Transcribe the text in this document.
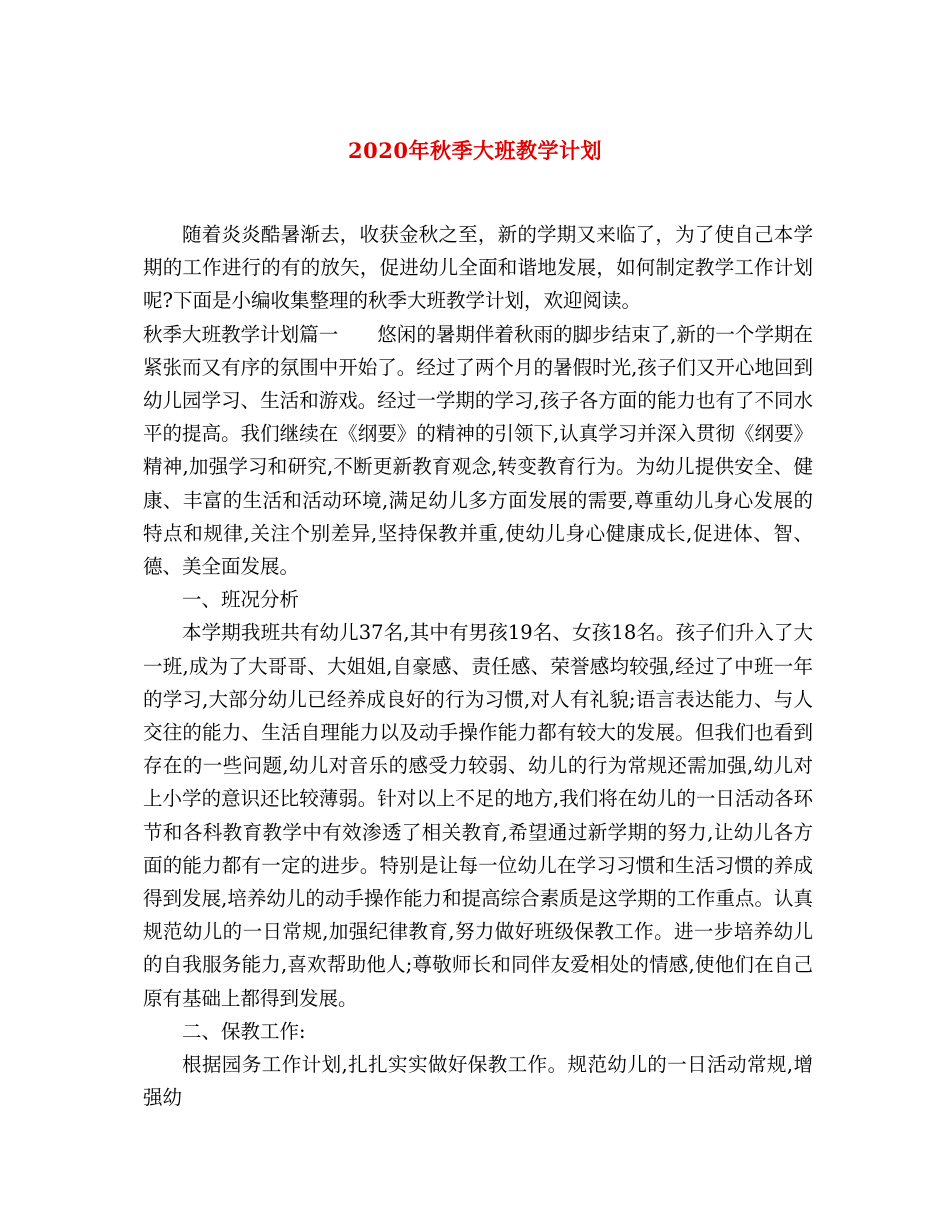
2020年秋季大班教学计划

随着炎炎酷暑渐去，收获金秋之至，新的学期又来临了，为了使自己本学期的工作进行的有的放矢，促进幼儿全面和谐地发展，如何制定教学工作计划呢?下面是小编收集整理的秋季大班教学计划，欢迎阅读。

秋季大班教学计划篇一　　悠闲的暑期伴着秋雨的脚步结束了,新的一个学期在紧张而又有序的氛围中开始了。经过了两个月的暑假时光,孩子们又开心地回到幼儿园学习、生活和游戏。经过一学期的学习,孩子各方面的能力也有了不同水平的提高。我们继续在《纲要》的精神的引领下,认真学习并深入贯彻《纲要》精神,加强学习和研究,不断更新教育观念,转变教育行为。为幼儿提供安全、健康、丰富的生活和活动环境,满足幼儿多方面发展的需要,尊重幼儿身心发展的特点和规律,关注个别差异,坚持保教并重,使幼儿身心健康成长,促进体、智、德、美全面发展。

一、班况分析

本学期我班共有幼儿37名,其中有男孩19名、女孩18名。孩子们升入了大一班,成为了大哥哥、大姐姐,自豪感、责任感、荣誉感均较强,经过了中班一年的学习,大部分幼儿已经养成良好的行为习惯,对人有礼貌;语言表达能力、与人交往的能力、生活自理能力以及动手操作能力都有较大的发展。但我们也看到存在的一些问题,幼儿对音乐的感受力较弱、幼儿的行为常规还需加强,幼儿对上小学的意识还比较薄弱。针对以上不足的地方,我们将在幼儿的一日活动各环节和各科教育教学中有效渗透了相关教育,希望通过新学期的努力,让幼儿各方面的能力都有一定的进步。特别是让每一位幼儿在学习习惯和生活习惯的养成得到发展,培养幼儿的动手操作能力和提高综合素质是这学期的工作重点。认真规范幼儿的一日常规,加强纪律教育,努力做好班级保教工作。进一步培养幼儿的自我服务能力,喜欢帮助他人;尊敬师长和同伴友爱相处的情感,使他们在自己原有基础上都得到发展。

二、保教工作:

根据园务工作计划,扎扎实实做好保教工作。规范幼儿的一日活动常规,增强幼
